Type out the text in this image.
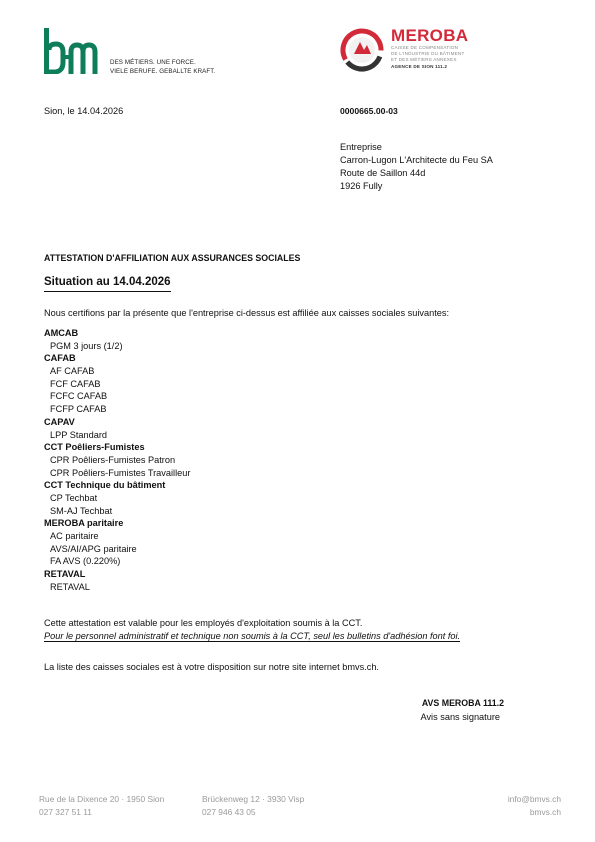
DES MÉTIERS. UNE FORCE.
VIELE BERUFE. GEBALLTE KRAFT.
MEROBA
CAISSE DE COMPENSATION
DE L'INDUSTRIE DU BÂTIMENT
ET DES MÉTIERS ANNEXES
AGENCE DE SION 111.2
Sion, le 14.04.2026	0000665.00-03
Entreprise
Carron-Lugon L'Architecte du Feu SA
Route de Saillon 44d
1926 Fully
ATTESTATION D'AFFILIATION AUX ASSURANCES SOCIALES
Situation au 14.04.2026
Nous certifions par la présente que l'entreprise ci-dessus est affiliée aux caisses sociales suivantes:
AMCAB
PGM 3 jours (1/2)
CAFAB
AF CAFAB
FCF CAFAB
FCFC CAFAB
FCFP CAFAB
CAPAV
LPP Standard
CCT Poêliers-Fumistes
CPR Poêliers-Fumistes Patron
CPR Poêliers-Fumistes Travailleur
CCT Technique du bâtiment
CP Techbat
SM-AJ Techbat
MEROBA paritaire
AC paritaire
AVS/AI/APG paritaire
FA AVS (0.220%)
RETAVAL
RETAVAL
Cette attestation est valable pour les employés d'exploitation soumis à la CCT.
Pour le personnel administratif et technique non soumis à la CCT, seul les bulletins d'adhésion font foi.
La liste des caisses sociales est à votre disposition sur notre site internet bmvs.ch.
AVS MEROBA 111.2
Avis sans signature
Rue de la Dixence 20 · 1950 Sion
027 327 51 11
Brückenweg 12 · 3930 Visp
027 946 43 05
info@bmvs.ch
bmvs.ch
